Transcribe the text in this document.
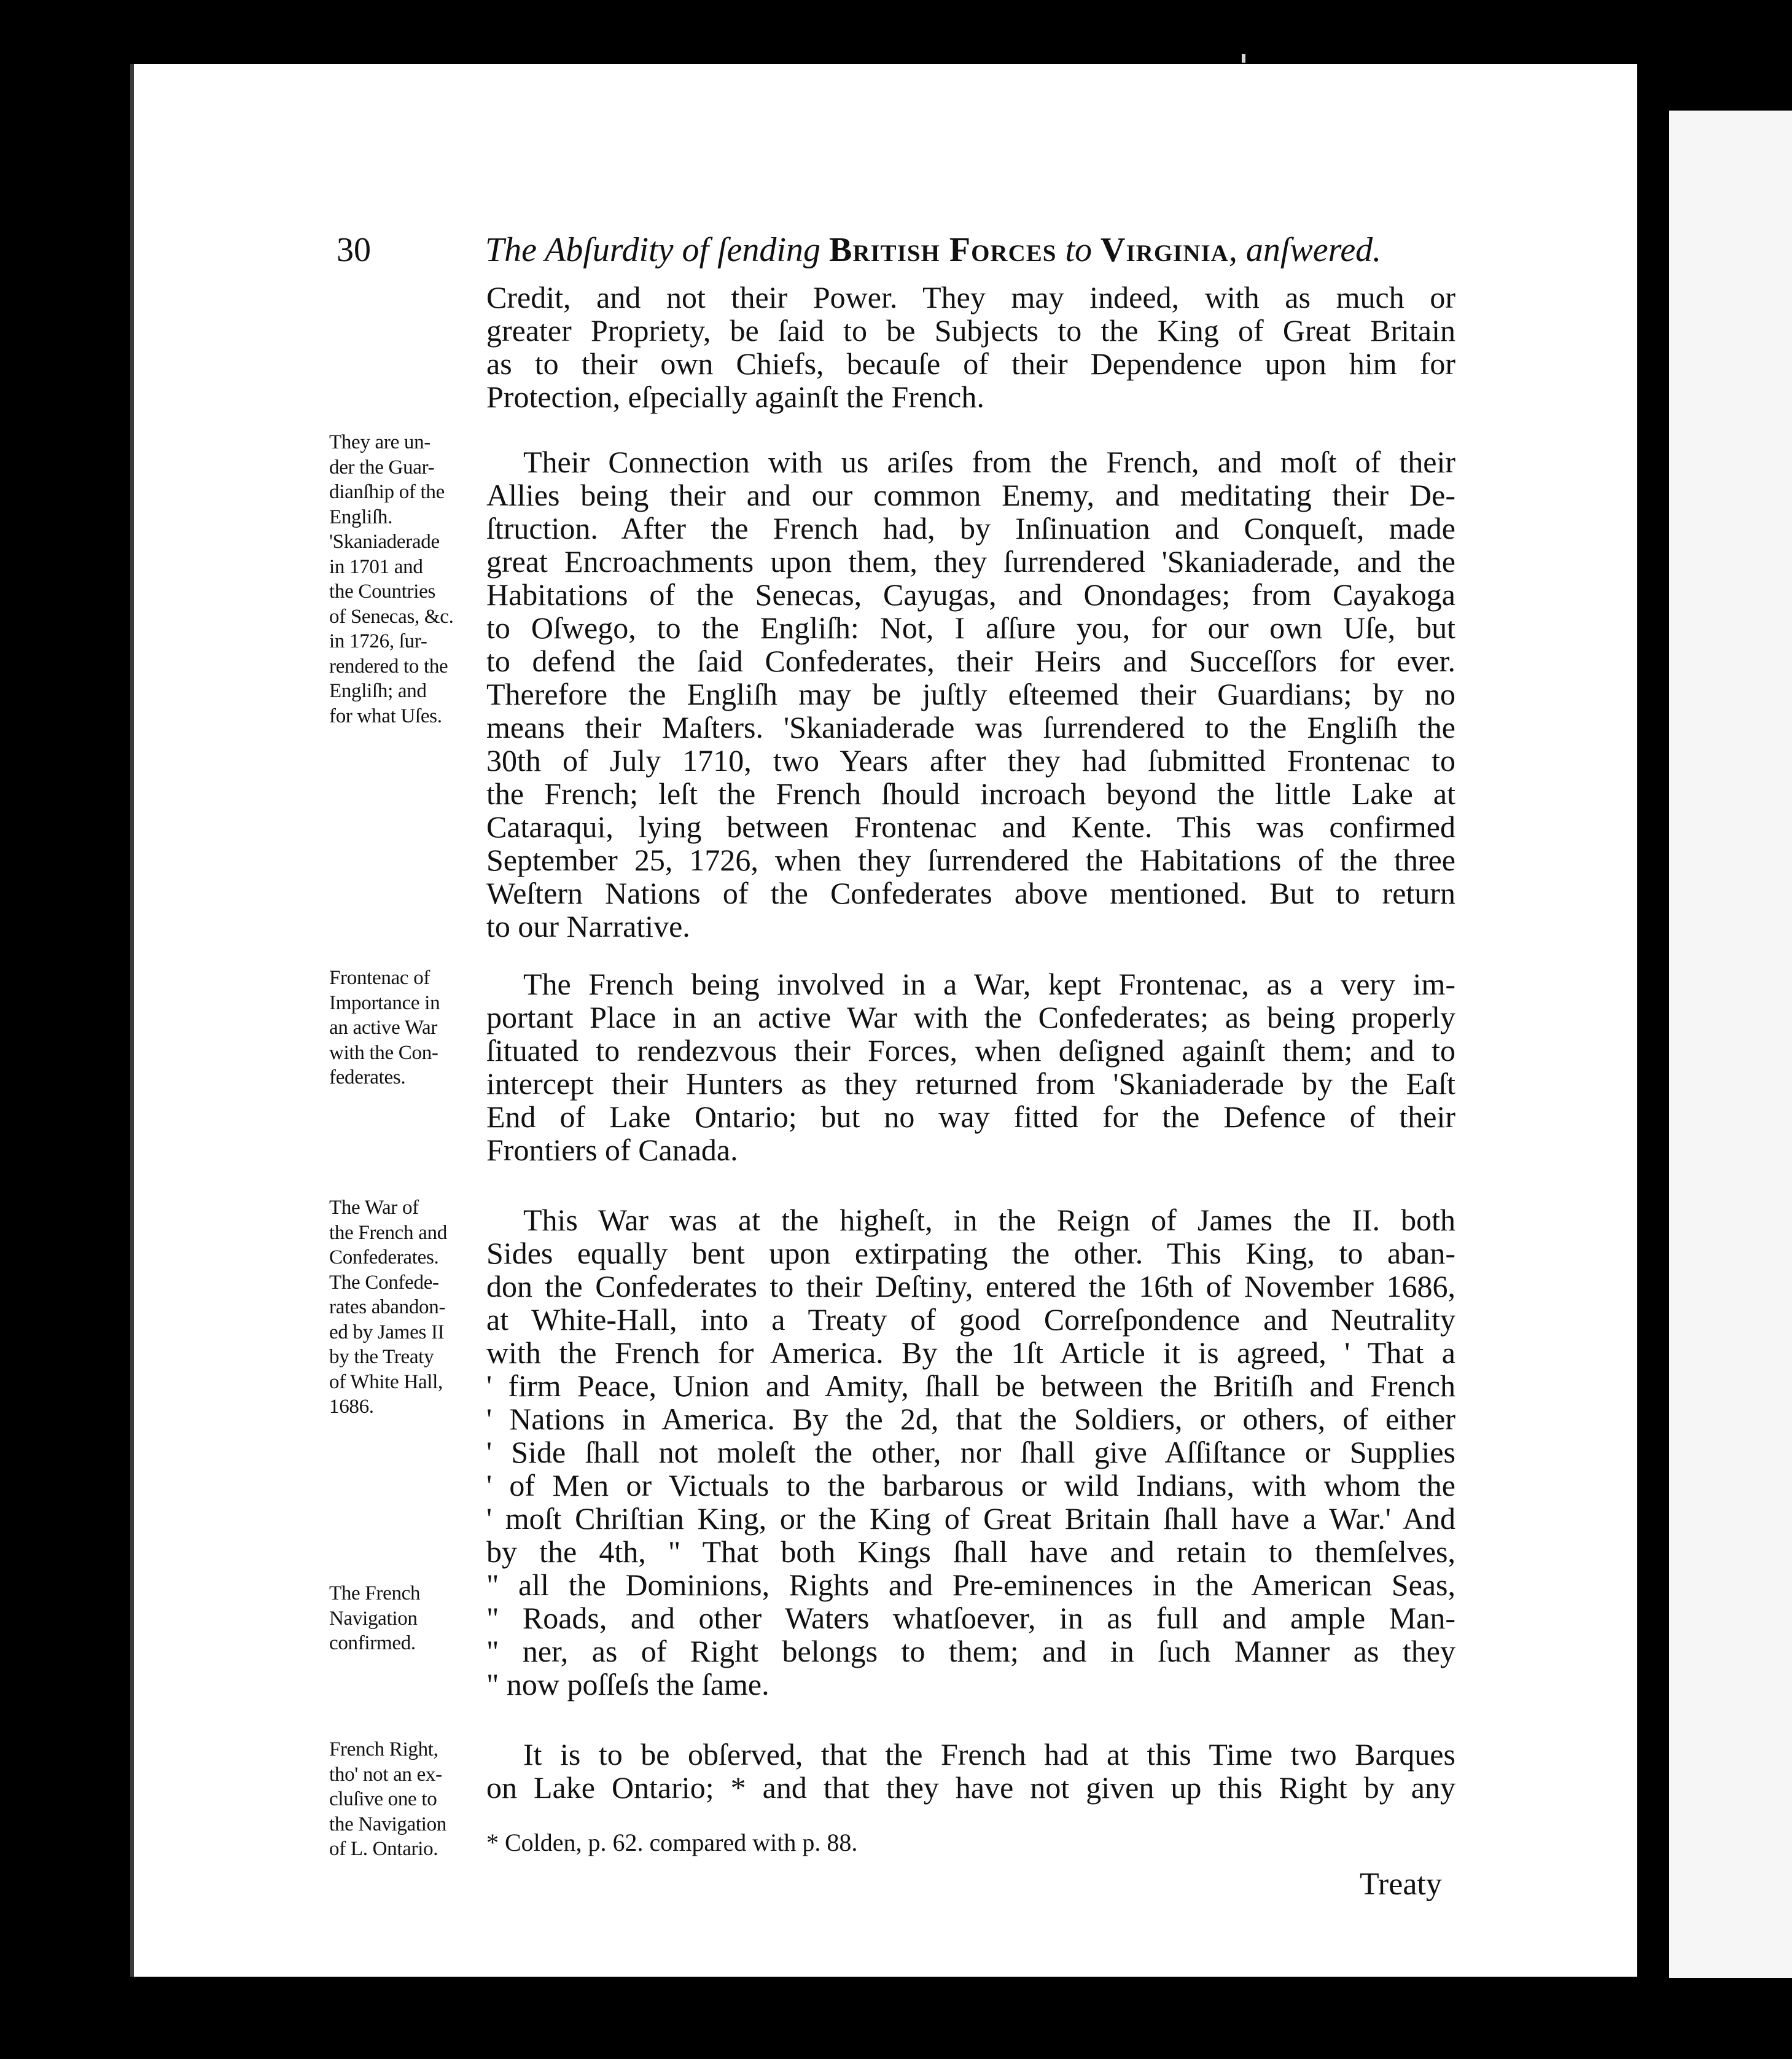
30	The Abſurdity of ſending British Forces to Virginia, anſwered.
Credit, and not their Power. They may indeed, with as much or
greater Propriety, be ſaid to be Subjects to the King of Great Britain
as to their own Chiefs, becauſe of their Dependence upon him for
Protection, eſpecially againſt the French.
Their Connection with us ariſes from the French, and moſt of their
Allies being their and our common Enemy, and meditating their De-
ſtruction. After the French had, by Inſinuation and Conqueſt, made
great Encroachments upon them, they ſurrendered 'Skaniaderade, and the
Habitations of the Senecas, Cayugas, and Onondages; from Cayakoga
to Oſwego, to the Engliſh: Not, I aſſure you, for our own Uſe, but
to defend the ſaid Confederates, their Heirs and Succeſſors for ever.
Therefore the Engliſh may be juſtly eſteemed their Guardians; by no
means their Maſters. 'Skaniaderade was ſurrendered to the Engliſh the
30th of July 1710, two Years after they had ſubmitted Frontenac to
the French; leſt the French ſhould incroach beyond the little Lake at
Cataraqui, lying between Frontenac and Kente. This was confirmed
September 25, 1726, when they ſurrendered the Habitations of the three
Weſtern Nations of the Confederates above mentioned. But to return
to our Narrative.
They are un-
der the Guar-
dianſhip of the
Engliſh.
'Skaniaderade
in 1701 and
the Countries
of Senecas, &c.
in 1726, ſur-
rendered to the
Engliſh; and
for what Uſes.
The French being involved in a War, kept Frontenac, as a very im-
portant Place in an active War with the Confederates; as being properly
ſituated to rendezvous their Forces, when deſigned againſt them; and to
intercept their Hunters as they returned from 'Skaniaderade by the Eaſt
End of Lake Ontario; but no way fitted for the Defence of their
Frontiers of Canada.
Frontenac of
Importance in
an active War
with the Con-
federates.
This War was at the higheſt, in the Reign of James the II. both
Sides equally bent upon extirpating the other. This King, to aban-
don the Confederates to their Deſtiny, entered the 16th of November 1686,
at White-Hall, into a Treaty of good Correſpondence and Neutrality
with the French for America. By the 1ſt Article it is agreed, ' That a
' firm Peace, Union and Amity, ſhall be between the Britiſh and French
' Nations in America. By the 2d, that the Soldiers, or others, of either
' Side ſhall not moleſt the other, nor ſhall give Aſſiſtance or Supplies
' of Men or Victuals to the barbarous or wild Indians, with whom the
' moſt Chriſtian King, or the King of Great Britain ſhall have a War.' And
by the 4th, " That both Kings ſhall have and retain to themſelves,
" all the Dominions, Rights and Pre-eminences in the American Seas,
" Roads, and other Waters whatſoever, in as full and ample Man-
" ner, as of Right belongs to them; and in ſuch Manner as they
" now poſſeſs the ſame.
The War of
the French and
Confederates.
The Confede-
rates abandon-
ed by James II
by the Treaty
of White Hall,
1686.
The French
Navigation
confirmed.
It is to be obſerved, that the French had at this Time two Barques
on Lake Ontario; * and that they have not given up this Right by any
French Right,
tho' not an ex-
cluſive one to
the Navigation
of L. Ontario.	* Colden, p. 62. compared with p. 88.
Treaty
